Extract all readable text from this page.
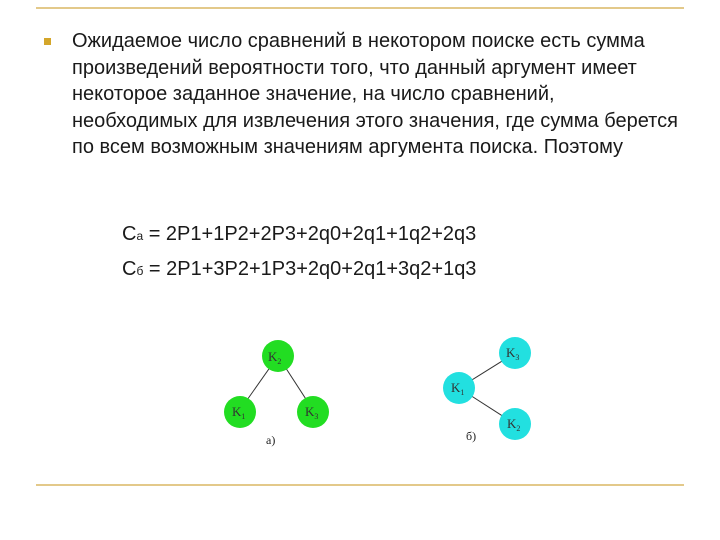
Ожидаемое число сравнений в некотором поиске есть сумма произведений вероятности того, что данный аргумент имеет некоторое заданное значение, на число сравнений, необходимых для извлечения этого значения, где сумма берется по всем возможным значениям аргумента поиска. Поэтому
Cа = 2P1+1P2+2P3+2q0+2q1+1q2+2q3
Cб = 2P1+3P2+1P3+2q0+2q1+3q2+1q3
$K_2$
$K_1$	$K_3$
а)
$K_3$
$K_1$
$K_2$
б)
